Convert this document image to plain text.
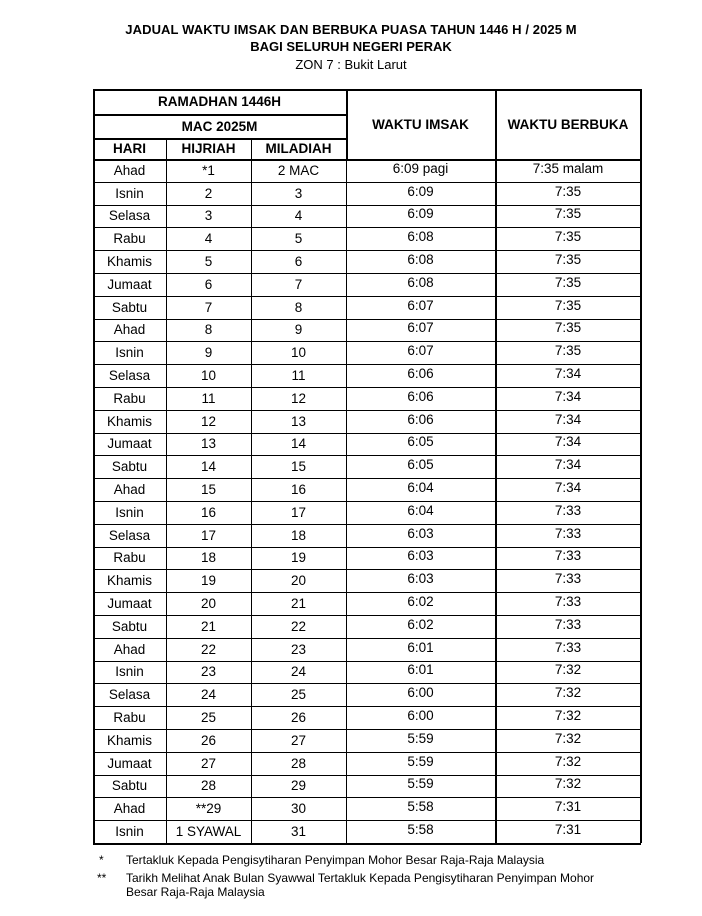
JADUAL WAKTU IMSAK DAN BERBUKA PUASA TAHUN 1446 H / 2025 M
BAGI SELURUH NEGERI PERAK
ZON 7 : Bukit Larut
RAMADHAN 1446H
MAC 2025M
HARI	HIJRIAH	MILADIAH
WAKTU IMSAK	WAKTU BERBUKA
Ahad	*1	2 MAC	6:09 pagi	7:35 malam
Isnin	2	3	6:09	7:35
Selasa	3	4	6:09	7:35
Rabu	4	5	6:08	7:35
Khamis	5	6	6:08	7:35
Jumaat	6	7	6:08	7:35
Sabtu	7	8	6:07	7:35
Ahad	8	9	6:07	7:35
Isnin	9	10	6:07	7:35
Selasa	10	11	6:06	7:34
Rabu	11	12	6:06	7:34
Khamis	12	13	6:06	7:34
Jumaat	13	14	6:05	7:34
Sabtu	14	15	6:05	7:34
Ahad	15	16	6:04	7:34
Isnin	16	17	6:04	7:33
Selasa	17	18	6:03	7:33
Rabu	18	19	6:03	7:33
Khamis	19	20	6:03	7:33
Jumaat	20	21	6:02	7:33
Sabtu	21	22	6:02	7:33
Ahad	22	23	6:01	7:33
Isnin	23	24	6:01	7:32
Selasa	24	25	6:00	7:32
Rabu	25	26	6:00	7:32
Khamis	26	27	5:59	7:32
Jumaat	27	28	5:59	7:32
Sabtu	28	29	5:59	7:32
Ahad	**29	30	5:58	7:31
Isnin	1 SYAWAL	31	5:58	7:31
* Tertakluk Kepada Pengisytiharan Penyimpan Mohor Besar Raja-Raja Malaysia
** Tarikh Melihat Anak Bulan Syawwal Tertakluk Kepada Pengisytiharan Penyimpan Mohor Besar Raja-Raja Malaysia
